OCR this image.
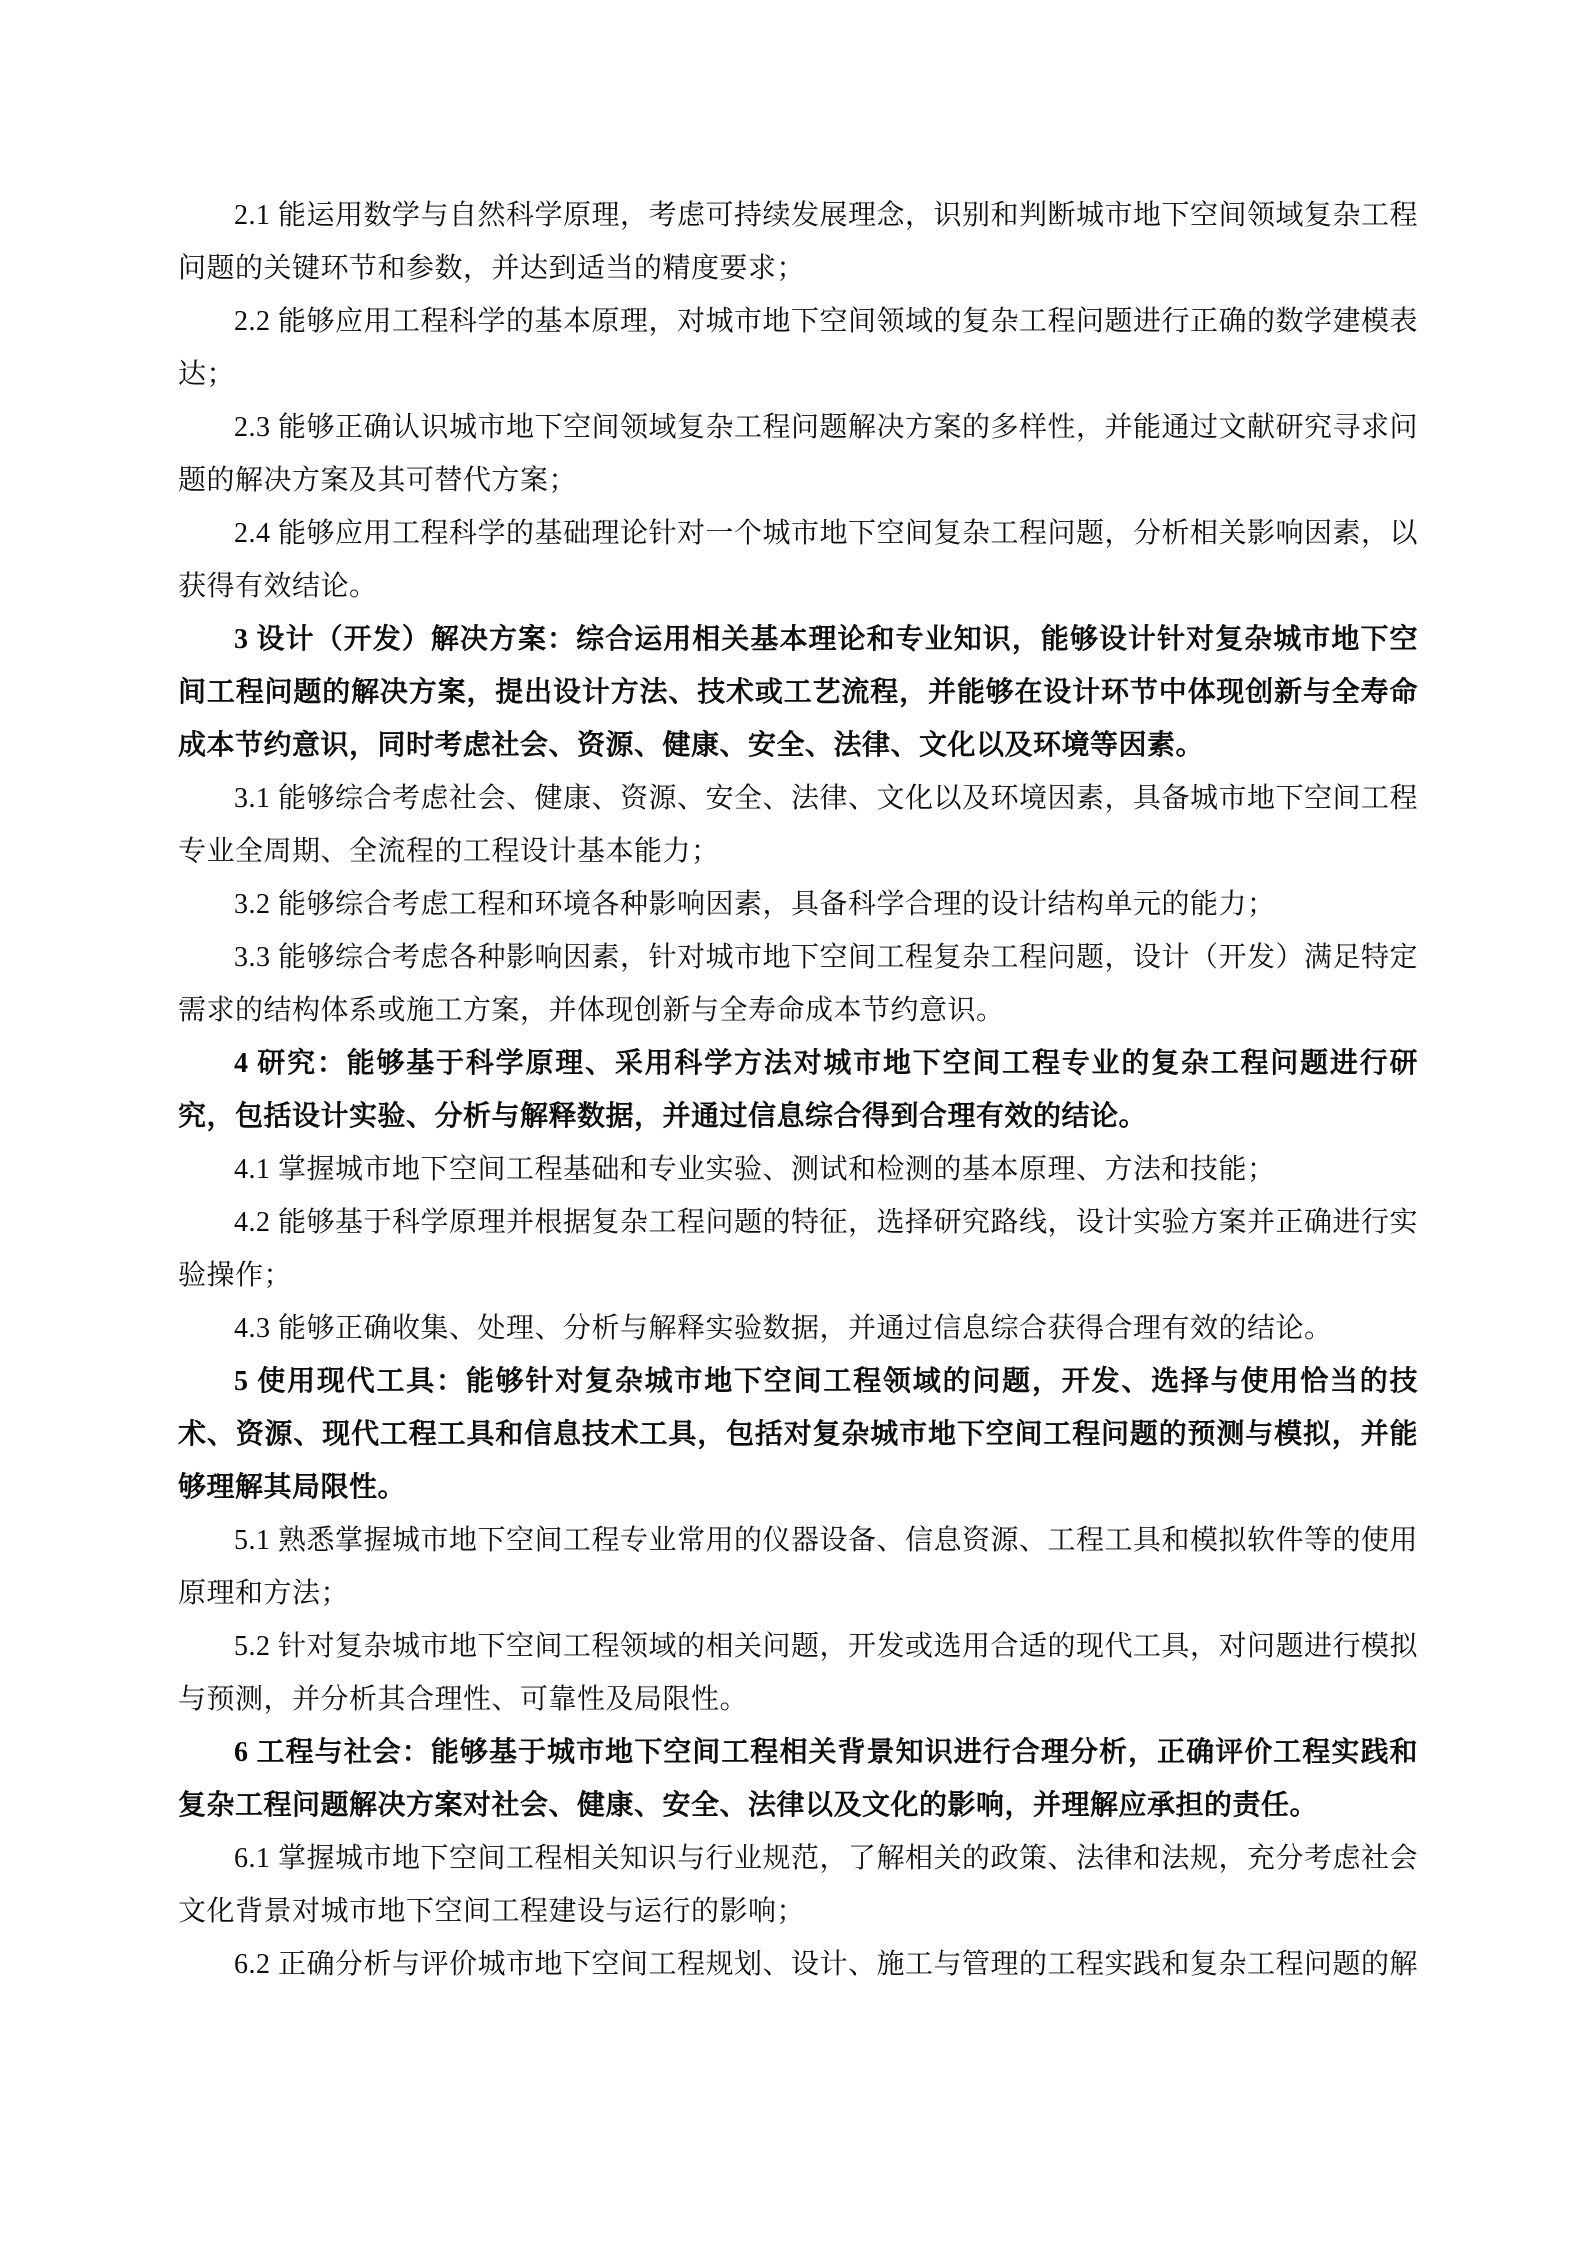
2.1 能运用数学与自然科学原理，考虑可持续发展理念，识别和判断城市地下空间领域复杂工程问题的关键环节和参数，并达到适当的精度要求；

2.2 能够应用工程科学的基本原理，对城市地下空间领域的复杂工程问题进行正确的数学建模表达；

2.3 能够正确认识城市地下空间领域复杂工程问题解决方案的多样性，并能通过文献研究寻求问题的解决方案及其可替代方案；

2.4 能够应用工程科学的基础理论针对一个城市地下空间复杂工程问题，分析相关影响因素，以获得有效结论。

3 设计（开发）解决方案：综合运用相关基本理论和专业知识，能够设计针对复杂城市地下空间工程问题的解决方案，提出设计方法、技术或工艺流程，并能够在设计环节中体现创新与全寿命成本节约意识，同时考虑社会、资源、健康、安全、法律、文化以及环境等因素。

3.1 能够综合考虑社会、健康、资源、安全、法律、文化以及环境因素，具备城市地下空间工程专业全周期、全流程的工程设计基本能力；

3.2 能够综合考虑工程和环境各种影响因素，具备科学合理的设计结构单元的能力；

3.3 能够综合考虑各种影响因素，针对城市地下空间工程复杂工程问题，设计（开发）满足特定需求的结构体系或施工方案，并体现创新与全寿命成本节约意识。

4 研究：能够基于科学原理、采用科学方法对城市地下空间工程专业的复杂工程问题进行研究，包括设计实验、分析与解释数据，并通过信息综合得到合理有效的结论。

4.1 掌握城市地下空间工程基础和专业实验、测试和检测的基本原理、方法和技能；

4.2 能够基于科学原理并根据复杂工程问题的特征，选择研究路线，设计实验方案并正确进行实验操作；

4.3 能够正确收集、处理、分析与解释实验数据，并通过信息综合获得合理有效的结论。

5 使用现代工具：能够针对复杂城市地下空间工程领域的问题，开发、选择与使用恰当的技术、资源、现代工程工具和信息技术工具，包括对复杂城市地下空间工程问题的预测与模拟，并能够理解其局限性。

5.1 熟悉掌握城市地下空间工程专业常用的仪器设备、信息资源、工程工具和模拟软件等的使用原理和方法；

5.2 针对复杂城市地下空间工程领域的相关问题，开发或选用合适的现代工具，对问题进行模拟与预测，并分析其合理性、可靠性及局限性。

6 工程与社会：能够基于城市地下空间工程相关背景知识进行合理分析，正确评价工程实践和复杂工程问题解决方案对社会、健康、安全、法律以及文化的影响，并理解应承担的责任。

6.1 掌握城市地下空间工程相关知识与行业规范，了解相关的政策、法律和法规，充分考虑社会文化背景对城市地下空间工程建设与运行的影响；

6.2 正确分析与评价城市地下空间工程规划、设计、施工与管理的工程实践和复杂工程问题的解
